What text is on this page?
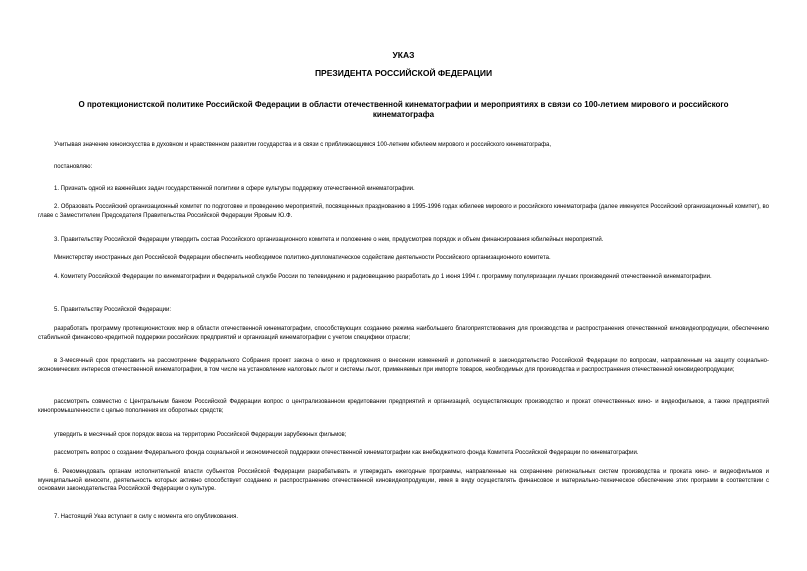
УКАЗ
ПРЕЗИДЕНТА РОССИЙСКОЙ ФЕДЕРАЦИИ
О протекционистской политике Российской Федерации в области отечественной кинематографии и мероприятиях в связи со 100-летием мирового и российского кинематографа

Учитывая значение киноискусства в духовном и нравственном развитии государства и в связи с приближающимся 100-летним юбилеем мирового и российского кинематографа,

постановляю:

1. Признать одной из важнейших задач государственной политики в сфере культуры поддержку отечественной кинематографии.

2. Образовать Российский организационный комитет по подготовке и проведению мероприятий, посвященных празднованию в 1995-1996 годах юбилеев мирового и российского кинематографа (далее именуется Российский организационный комитет), во главе с Заместителем Председателя Правительства Российской Федерации Яровым Ю.Ф.

3. Правительству Российской Федерации утвердить состав Российского организационного комитета и положение о нем, предусмотрев порядок и объем финансирования юбилейных мероприятий.

Министерству иностранных дел Российской Федерации обеспечить необходимое политико-дипломатическое содействие деятельности Российского организационного комитета.

4. Комитету Российской Федерации по кинематографии и Федеральной службе России по телевидению и радиовещанию разработать до 1 июня 1994 г. программу популяризации лучших произведений отечественной кинематографии.

5. Правительству Российской Федерации:

разработать программу протекционистских мер в области отечественной кинематографии, способствующих созданию режима наибольшего благоприятствования для производства и распространения отечественной киновидеопродукции, обеспечению стабильной финансово-кредитной поддержки российских предприятий и организаций кинематографии с учетом специфики отрасли;

в 3-месячный срок представить на рассмотрение Федерального Собрания проект закона о кино и предложения о внесении изменений и дополнений в законодательство Российской Федерации по вопросам, направленным на защиту социально-экономических интересов отечественной кинематографии, в том числе на установление налоговых льгот и системы льгот, применяемых при импорте товаров, необходимых для производства и распространения отечественной киновидеопродукции;

рассмотреть совместно с Центральным банком Российской Федерации вопрос о централизованном кредитовании предприятий и организаций, осуществляющих производство и прокат отечественных кино- и видеофильмов, а также предприятий кинопромышленности с целью пополнения их оборотных средств;

утвердить в месячный срок порядок ввоза на территорию Российской Федерации зарубежных фильмов;

рассмотреть вопрос о создании Федерального фонда социальной и экономической поддержки отечественной кинематографии как внебюджетного фонда Комитета Российской Федерации по кинематографии.

6. Рекомендовать органам исполнительной власти субъектов Российской Федерации разрабатывать и утверждать ежегодные программы, направленные на сохранение региональных систем производства и проката кино- и видеофильмов и муниципальной киносети, деятельность которых активно способствует созданию и распространению отечественной киновидеопродукции, имея в виду осуществлять финансовое и материально-техническое обеспечение этих программ в соответствии с основами законодательства Российской Федерации о культуре.

7. Настоящий Указ вступает в силу с момента его опубликования.
